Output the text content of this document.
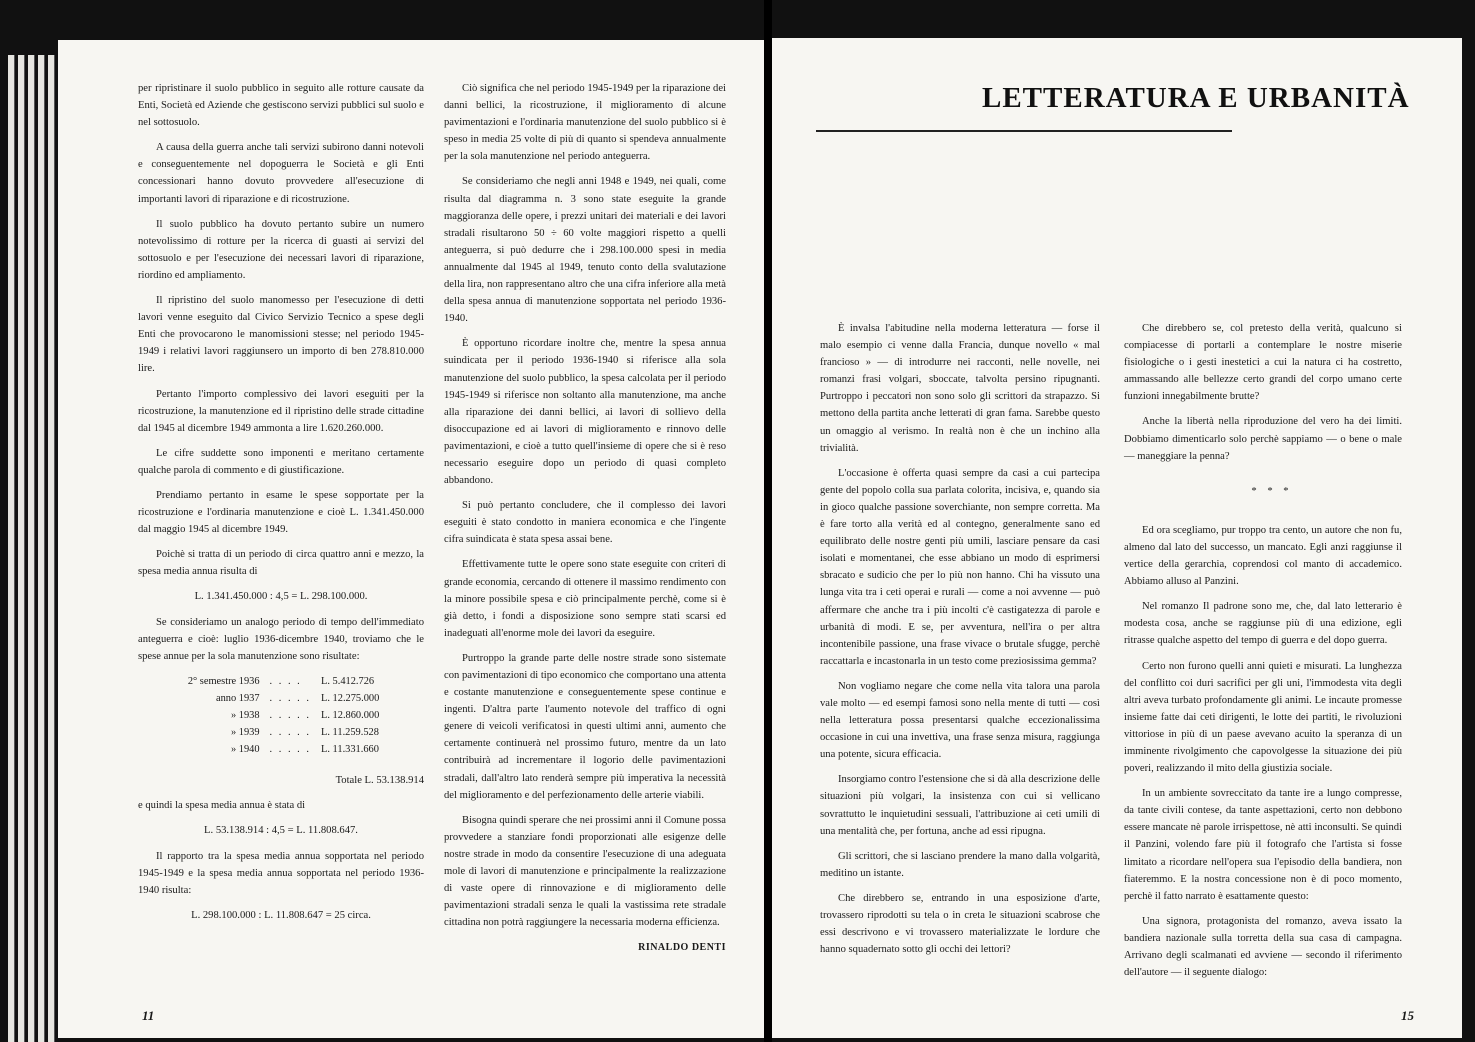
per ripristinare il suolo pubblico in seguito alle rotture causate da Enti, Società ed Aziende che gestiscono servizi pubblici sul suolo e nel sottosuolo.

A causa della guerra anche tali servizi subirono danni notevoli e conseguentemente nel dopoguerra le Società e gli Enti concessionari hanno dovuto provvedere all'esecuzione di importanti lavori di riparazione e di ricostruzione.

Il suolo pubblico ha dovuto pertanto subire un numero notevolissimo di rotture per la ricerca di guasti ai servizi del sottosuolo e per l'esecuzione dei necessari lavori di riparazione, riordino ed ampliamento.

Il ripristino del suolo manomesso per l'esecuzione di detti lavori venne eseguito dal Civico Servizio Tecnico a spese degli Enti che provocarono le manomissioni stesse; nel periodo 1945-1949 i relativi lavori raggiunsero un importo di ben 278.810.000 lire.

Pertanto l'importo complessivo dei lavori eseguiti per la ricostruzione, la manutenzione ed il ripristino delle strade cittadine dal 1945 al dicembre 1949 ammonta a lire 1.620.260.000.

Le cifre suddette sono imponenti e meritano certamente qualche parola di commento e di giustificazione.

Prendiamo pertanto in esame le spese sopportate per la ricostruzione e l'ordinaria manutenzione e cioè L. 1.341.450.000 dal maggio 1945 al dicembre 1949.

Poichè si tratta di un periodo di circa quattro anni e mezzo, la spesa media annua risulta di

L. 1.341.450.000 : 4,5 = L. 298.100.000.

Se consideriamo un analogo periodo di tempo dell'immediato anteguerra e cioè: luglio 1936-dicembre 1940, troviamo che le spese annue per la sola manutenzione sono risultate:

2° semestre 1936	. . . .	L. 5.412.726
anno 1937	. . . . .	L. 12.275.000
» 1938	. . . . .	L. 12.860.000
» 1939	. . . . .	L. 11.259.528
» 1940	. . . . .	L. 11.331.660

Totale L. 53.138.914

e quindi la spesa media annua è stata di

L. 53.138.914 : 4,5 = L. 11.808.647.

Il rapporto tra la spesa media annua sopportata nel periodo 1945-1949 e la spesa media annua sopportata nel periodo 1936-1940 risulta:

L. 298.100.000 : L. 11.808.647 = 25 circa.

Ciò significa che nel periodo 1945-1949 per la riparazione dei danni bellici, la ricostruzione, il miglioramento di alcune pavimentazioni e l'ordinaria manutenzione del suolo pubblico si è speso in media 25 volte di più di quanto si spendeva annualmente per la sola manutenzione nel periodo anteguerra.

Se consideriamo che negli anni 1948 e 1949, nei quali, come risulta dal diagramma n. 3 sono state eseguite la grande maggioranza delle opere, i prezzi unitari dei materiali e dei lavori stradali risultarono 50 ÷ 60 volte maggiori rispetto a quelli anteguerra, si può dedurre che i 298.100.000 spesi in media annualmente dal 1945 al 1949, tenuto conto della svalutazione della lira, non rappresentano altro che una cifra inferiore alla metà della spesa annua di manutenzione sopportata nel periodo 1936-1940.

È opportuno ricordare inoltre che, mentre la spesa annua suindicata per il periodo 1936-1940 si riferisce alla sola manutenzione del suolo pubblico, la spesa calcolata per il periodo 1945-1949 si riferisce non soltanto alla manutenzione, ma anche alla riparazione dei danni bellici, ai lavori di sollievo della disoccupazione ed ai lavori di miglioramento e rinnovo delle pavimentazioni, e cioè a tutto quell'insieme di opere che si è reso necessario eseguire dopo un periodo di quasi completo abbandono.

Si può pertanto concludere, che il complesso dei lavori eseguiti è stato condotto in maniera economica e che l'ingente cifra suindicata è stata spesa assai bene.

Effettivamente tutte le opere sono state eseguite con criteri di grande economia, cercando di ottenere il massimo rendimento con la minore possibile spesa e ciò principalmente perchè, come si è già detto, i fondi a disposizione sono sempre stati scarsi ed inadeguati all'enorme mole dei lavori da eseguire.

Purtroppo la grande parte delle nostre strade sono sistemate con pavimentazioni di tipo economico che comportano una attenta e costante manutenzione e conseguentemente spese continue e ingenti. D'altra parte l'aumento notevole del traffico di ogni genere di veicoli verificatosi in questi ultimi anni, aumento che certamente continuerà nel prossimo futuro, mentre da un lato contribuirà ad incrementare il logorio delle pavimentazioni stradali, dall'altro lato renderà sempre più imperativa la necessità del miglioramento e del perfezionamento delle arterie viabili.

Bisogna quindi sperare che nei prossimi anni il Comune possa provvedere a stanziare fondi proporzionati alle esigenze delle nostre strade in modo da consentire l'esecuzione di una adeguata mole di lavori di manutenzione e principalmente la realizzazione di vaste opere di rinnovazione e di miglioramento delle pavimentazioni stradali senza le quali la vastissima rete stradale cittadina non potrà raggiungere la necessaria moderna efficienza.

RINALDO DENTI

11
LETTERATURA E URBANITÀ

È invalsa l'abitudine nella moderna letteratura — forse il malo esempio ci venne dalla Francia, dunque novello « mal francioso » — di introdurre nei racconti, nelle novelle, nei romanzi frasi volgari, sboccate, talvolta persino ripugnanti. Purtroppo i peccatori non sono solo gli scrittori da strapazzo. Si mettono della partita anche letterati di gran fama. Sarebbe questo un omaggio al verismo. In realtà non è che un inchino alla trivialità.

L'occasione è offerta quasi sempre da casi a cui partecipa gente del popolo colla sua parlata colorita, incisiva, e, quando sia in gioco qualche passione soverchiante, non sempre corretta. Ma è fare torto alla verità ed al contegno, generalmente sano ed equilibrato delle nostre genti più umili, lasciare pensare da casi isolati e momentanei, che esse abbiano un modo di esprimersi sbracato e sudicio che per lo più non hanno. Chi ha vissuto una lunga vita tra i ceti operai e rurali — come a noi avvenne — può affermare che anche tra i più incolti c'è castigatezza di parole e urbanità di modi. E se, per avventura, nell'ira o per altra incontenibile passione, una frase vivace o brutale sfugge, perchè raccattarla e incastonarla in un testo come preziosissima gemma?

Non vogliamo negare che come nella vita talora una parola vale molto — ed esempi famosi sono nella mente di tutti — così nella letteratura possa presentarsi qualche eccezionalissima occasione in cui una invettiva, una frase senza misura, raggiunga una potente, sicura efficacia.

Insorgiamo contro l'estensione che si dà alla descrizione delle situazioni più volgari, la insistenza con cui si vellicano sovrattutto le inquietudini sessuali, l'attribuzione ai ceti umili di una mentalità che, per fortuna, anche ad essi ripugna.

Gli scrittori, che si lasciano prendere la mano dalla volgarità, meditino un istante.

Che direbbero se, entrando in una esposizione d'arte, trovassero riprodotti su tela o in creta le situazioni scabrose che essi descrivono e vi trovassero materializzate le lordure che hanno squadernato sotto gli occhi dei lettori?

Che direbbero se, col pretesto della verità, qualcuno si compiacesse di portarli a contemplare le nostre miserie fisiologiche o i gesti inestetici a cui la natura ci ha costretto, ammassando alle bellezze certo grandi del corpo umano certe funzioni innegabilmente brutte?

Anche la libertà nella riproduzione del vero ha dei limiti. Dobbiamo dimenticarlo solo perchè sappiamo — o bene o male — maneggiare la penna?

* * *

Ed ora scegliamo, pur troppo tra cento, un autore che non fu, almeno dal lato del successo, un mancato. Egli anzi raggiunse il vertice della gerarchia, coprendosi col manto di accademico. Abbiamo alluso al Panzini.

Nel romanzo Il padrone sono me, che, dal lato letterario è modesta cosa, anche se raggiunse più di una edizione, egli ritrasse qualche aspetto del tempo di guerra e del dopo guerra.

Certo non furono quelli anni quieti e misurati. La lunghezza del conflitto coi duri sacrifici per gli uni, l'immodesta vita degli altri aveva turbato profondamente gli animi. Le incaute promesse insieme fatte dai ceti dirigenti, le lotte dei partiti, le rivoluzioni vittoriose in più di un paese avevano acuito la speranza di un imminente rivolgimento che capovolgesse la situazione dei più poveri, realizzando il mito della giustizia sociale.

In un ambiente sovreccitato da tante ire a lungo compresse, da tante civili contese, da tante aspettazioni, certo non debbono essere mancate nè parole irrispettose, nè atti inconsulti. Se quindi il Panzini, volendo fare più il fotografo che l'artista si fosse limitato a ricordare nell'opera sua l'episodio della bandiera, non fiateremmo. E la nostra concessione non è di poco momento, perchè il fatto narrato è esattamente questo:

Una signora, protagonista del romanzo, aveva issato la bandiera nazionale sulla torretta della sua casa di campagna. Arrivano degli scalmanati ed avviene — secondo il riferimento dell'autore — il seguente dialogo:

15
